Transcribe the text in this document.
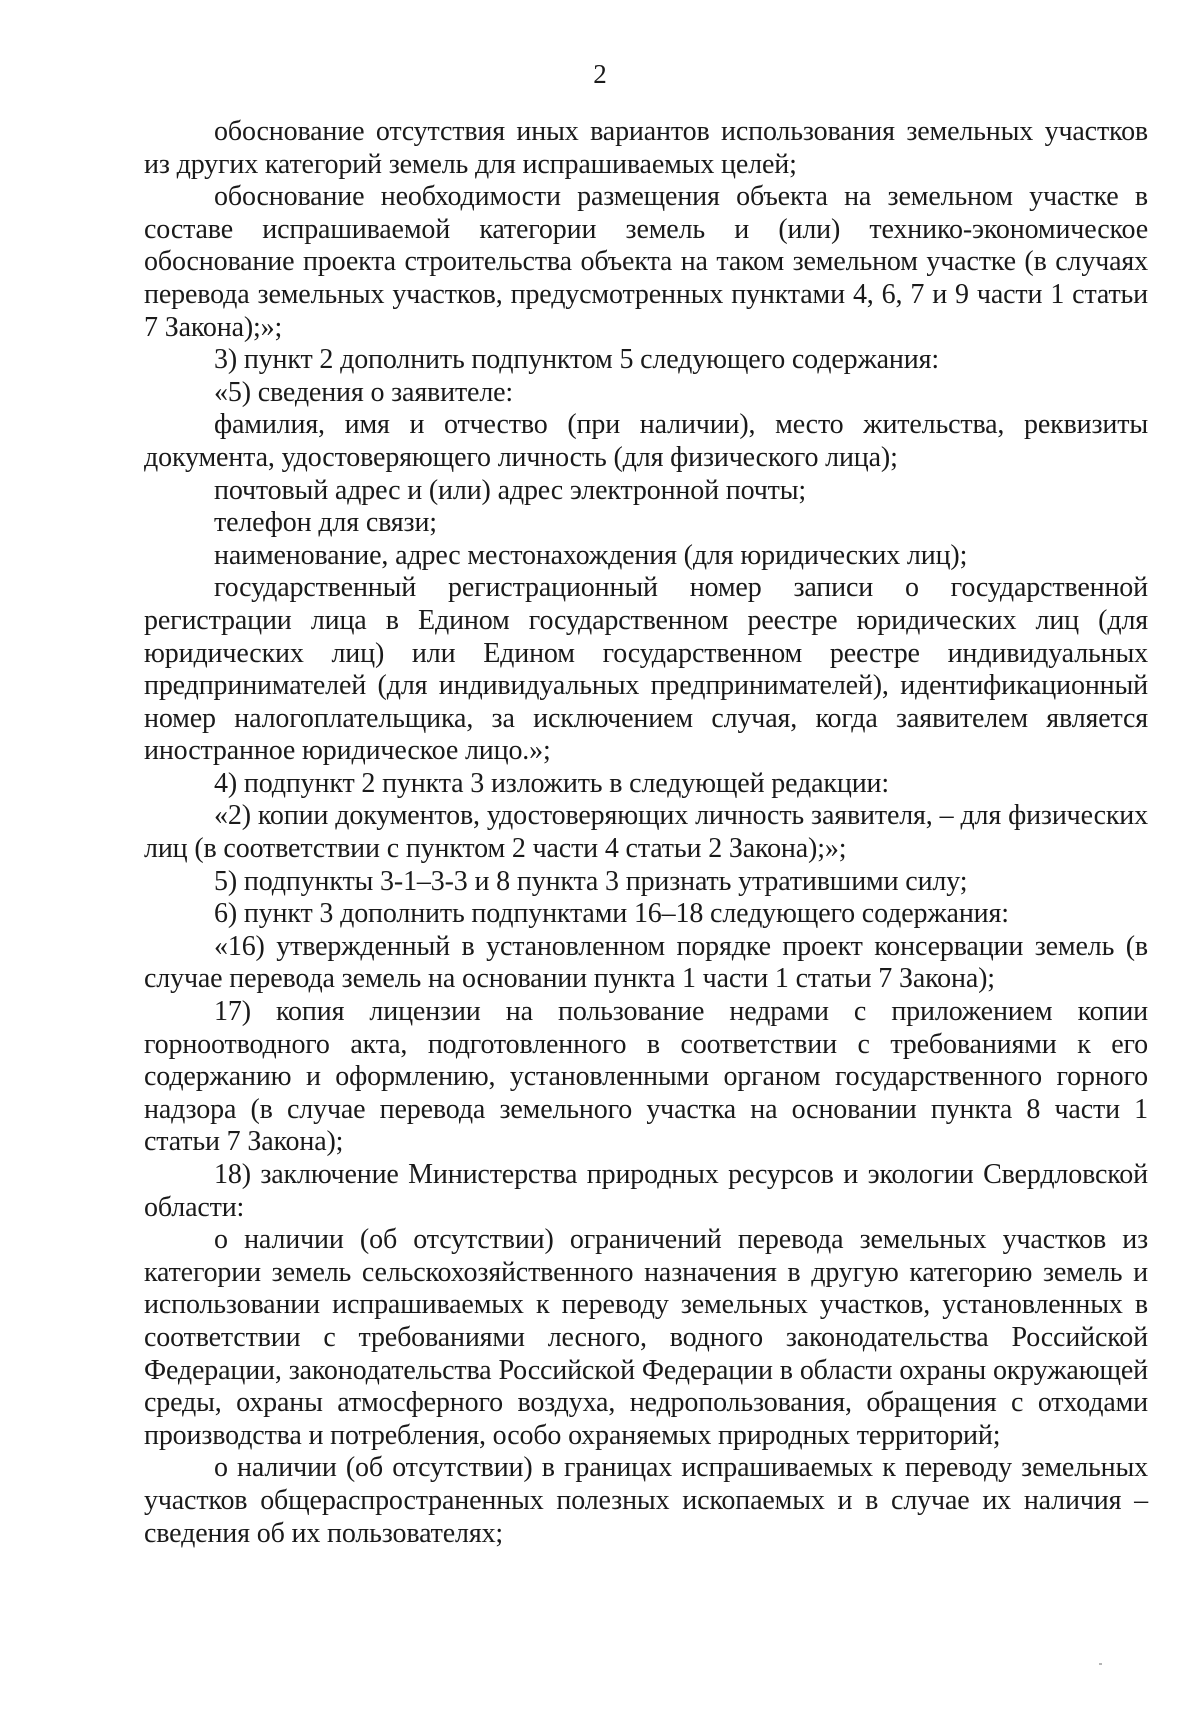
2

обоснование отсутствия иных вариантов использования земельных участков из других категорий земель для испрашиваемых целей;

обоснование необходимости размещения объекта на земельном участке в составе испрашиваемой категории земель и (или) технико-экономическое обоснование проекта строительства объекта на таком земельном участке (в случаях перевода земельных участков, предусмотренных пунктами 4, 6, 7 и 9 части 1 статьи 7 Закона);»;

3) пункт 2 дополнить подпунктом 5 следующего содержания:

«5) сведения о заявителе:

фамилия, имя и отчество (при наличии), место жительства, реквизиты документа, удостоверяющего личность (для физического лица);

почтовый адрес и (или) адрес электронной почты;

телефон для связи;

наименование, адрес местонахождения (для юридических лиц);

государственный регистрационный номер записи о государственной регистрации лица в Едином государственном реестре юридических лиц (для юридических лиц) или Едином государственном реестре индивидуальных предпринимателей (для индивидуальных предпринимателей), идентификационный номер налогоплательщика, за исключением случая, когда заявителем является иностранное юридическое лицо.»;

4) подпункт 2 пункта 3 изложить в следующей редакции:

«2) копии документов, удостоверяющих личность заявителя, – для физических лиц (в соответствии с пунктом 2 части 4 статьи 2 Закона);»;

5) подпункты 3-1–3-3 и 8 пункта 3 признать утратившими силу;

6) пункт 3 дополнить подпунктами 16–18 следующего содержания:

«16) утвержденный в установленном порядке проект консервации земель (в случае перевода земель на основании пункта 1 части 1 статьи 7 Закона);

17) копия лицензии на пользование недрами с приложением копии горноотводного акта, подготовленного в соответствии с требованиями к его содержанию и оформлению, установленными органом государственного горного надзора (в случае перевода земельного участка на основании пункта 8 части 1 статьи 7 Закона);

18) заключение Министерства природных ресурсов и экологии Свердловской области:

о наличии (об отсутствии) ограничений перевода земельных участков из категории земель сельскохозяйственного назначения в другую категорию земель и использовании испрашиваемых к переводу земельных участков, установленных в соответствии с требованиями лесного, водного законодательства Российской Федерации, законодательства Российской Федерации в области охраны окружающей среды, охраны атмосферного воздуха, недропользования, обращения с отходами производства и потребления, особо охраняемых природных территорий;

о наличии (об отсутствии) в границах испрашиваемых к переводу земельных участков общераспространенных полезных ископаемых и в случае их наличия – сведения об их пользователях;
